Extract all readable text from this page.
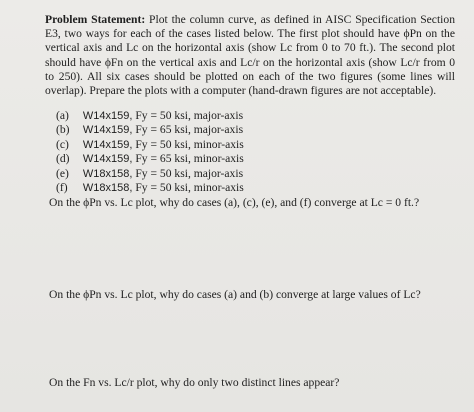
Problem Statement: Plot the column curve, as defined in AISC Specification Section E3, two ways for each of the cases listed below. The first plot should have ϕPn on the vertical axis and Lc on the horizontal axis (show Lc from 0 to 70 ft.). The second plot should have ϕFn on the vertical axis and Lc/r on the horizontal axis (show Lc/r from 0 to 250). All six cases should be plotted on each of the two figures (some lines will overlap). Prepare the plots with a computer (hand-drawn figures are not acceptable).

(a) W14x159, Fy = 50 ksi, major-axis
(b) W14x159, Fy = 65 ksi, major-axis
(c) W14x159, Fy = 50 ksi, minor-axis
(d) W14x159, Fy = 65 ksi, minor-axis
(e) W18x158, Fy = 50 ksi, major-axis
(f) W18x158, Fy = 50 ksi, minor-axis
On the ϕPn vs. Lc plot, why do cases (a), (c), (e), and (f) converge at Lc = 0 ft.?
On the ϕPn vs. Lc plot, why do cases (a) and (b) converge at large values of Lc?
On the Fn vs. Lc/r plot, why do only two distinct lines appear?
